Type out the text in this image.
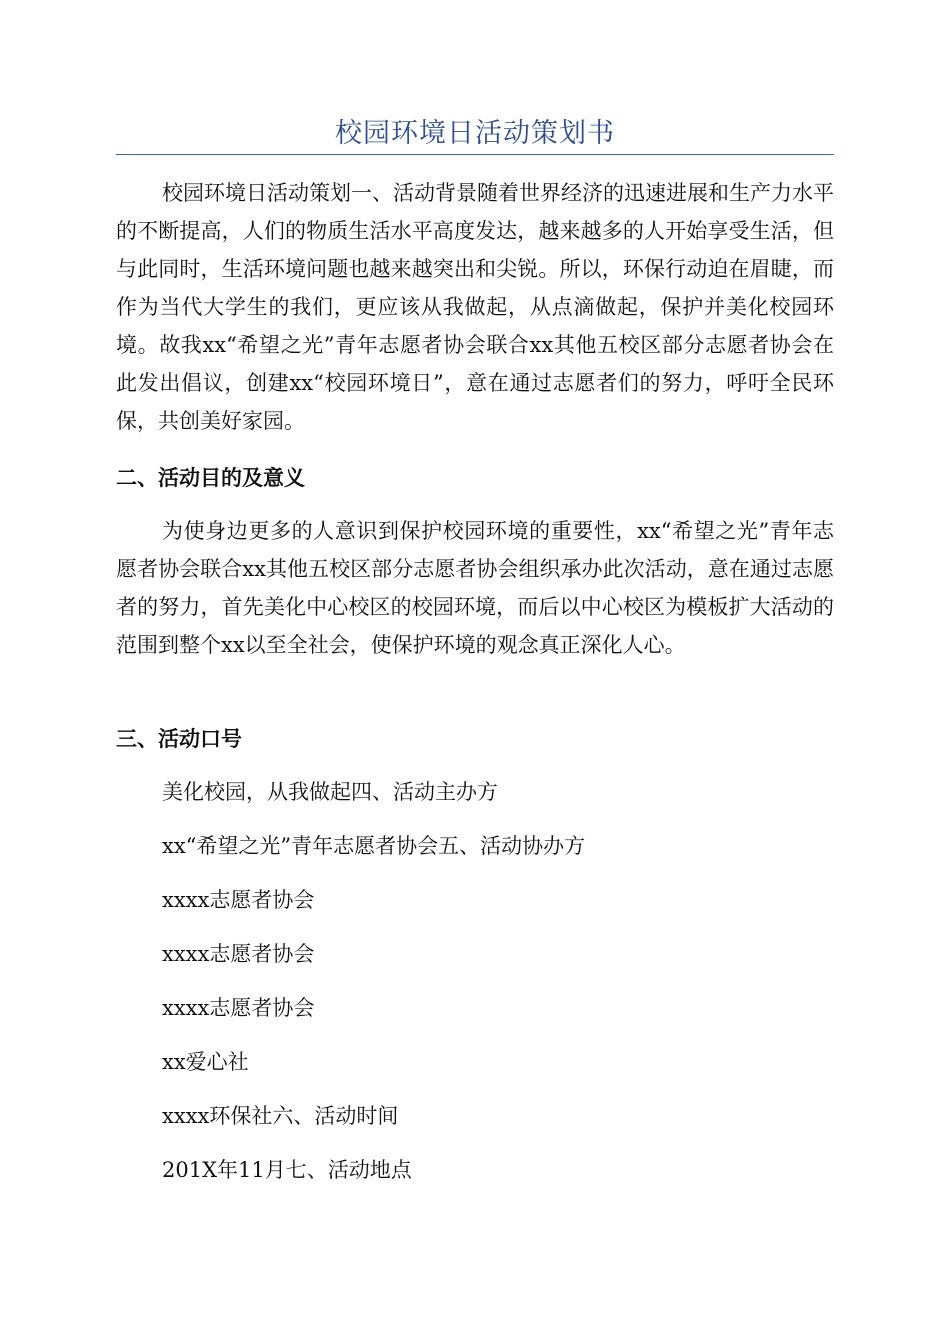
校园环境日活动策划书

校园环境日活动策划一、活动背景随着世界经济的迅速进展和生产力水平的不断提高，人们的物质生活水平高度发达，越来越多的人开始享受生活，但与此同时，生活环境问题也越来越突出和尖锐。所以，环保行动迫在眉睫，而作为当代大学生的我们，更应该从我做起，从点滴做起，保护并美化校园环境。故我xx“希望之光”青年志愿者协会联合xx其他五校区部分志愿者协会在此发出倡议，创建xx“校园环境日”，意在通过志愿者们的努力，呼吁全民环保，共创美好家园。

二、活动目的及意义

为使身边更多的人意识到保护校园环境的重要性，xx“希望之光”青年志愿者协会联合xx其他五校区部分志愿者协会组织承办此次活动，意在通过志愿者的努力，首先美化中心校区的校园环境，而后以中心校区为模板扩大活动的范围到整个xx以至全社会，使保护环境的观念真正深化人心。

三、活动口号

美化校园，从我做起四、活动主办方

xx“希望之光”青年志愿者协会五、活动协办方

xxxx志愿者协会

xxxx志愿者协会

xxxx志愿者协会

xx爱心社

xxxx环保社六、活动时间

201X年11月七、活动地点
